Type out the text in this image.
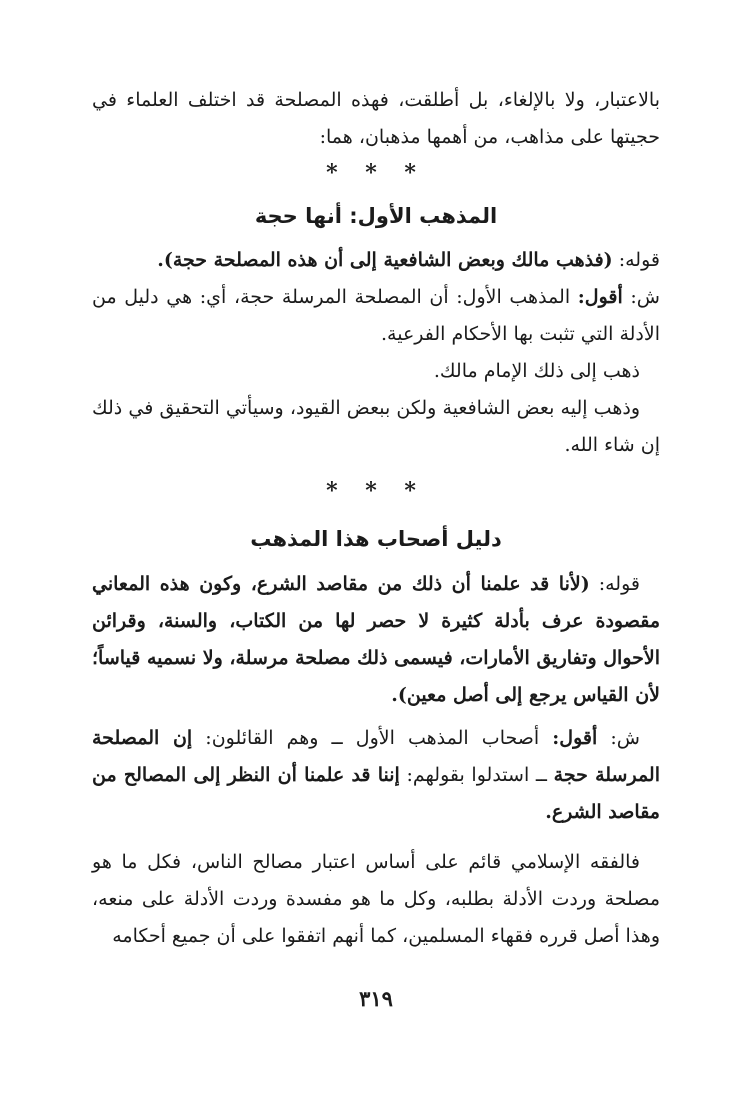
بالاعتبار، ولا بالإلغاء، بل أطلقت، فهذه المصلحة قد اختلف العلماء في حجيتها على مذاهب، من أهمها مذهبان، هما:

* * *
المذهب الأول: أنها حجة

قوله: (فذهب مالك وبعض الشافعية إلى أن هذه المصلحة حجة).

ش: أقول: المذهب الأول: أن المصلحة المرسلة حجة، أي: هي دليل من الأدلة التي تثبت بها الأحكام الفرعية.

ذهب إلى ذلك الإمام مالك.

وذهب إليه بعض الشافعية ولكن ببعض القيود، وسيأتي التحقيق في ذلك إن شاء الله.

* * *
دليل أصحاب هذا المذهب

قوله: (لأنا قد علمنا أن ذلك من مقاصد الشرع، وكون هذه المعاني مقصودة عرف بأدلة كثيرة لا حصر لها من الكتاب، والسنة، وقرائن الأحوال وتفاريق الأمارات، فيسمى ذلك مصلحة مرسلة، ولا نسميه قياساً؛ لأن القياس يرجع إلى أصل معين).

ش: أقول: أصحاب المذهب الأول ــ وهم القائلون: إن المصلحة المرسلة حجة ــ استدلوا بقولهم: إننا قد علمنا أن النظر إلى المصالح من مقاصد الشرع.

فالفقه الإسلامي قائم على أساس اعتبار مصالح الناس، فكل ما هو مصلحة وردت الأدلة بطلبه، وكل ما هو مفسدة وردت الأدلة على منعه، وهذا أصل قرره فقهاء المسلمين، كما أنهم اتفقوا على أن جميع أحكامه

٣١٩
